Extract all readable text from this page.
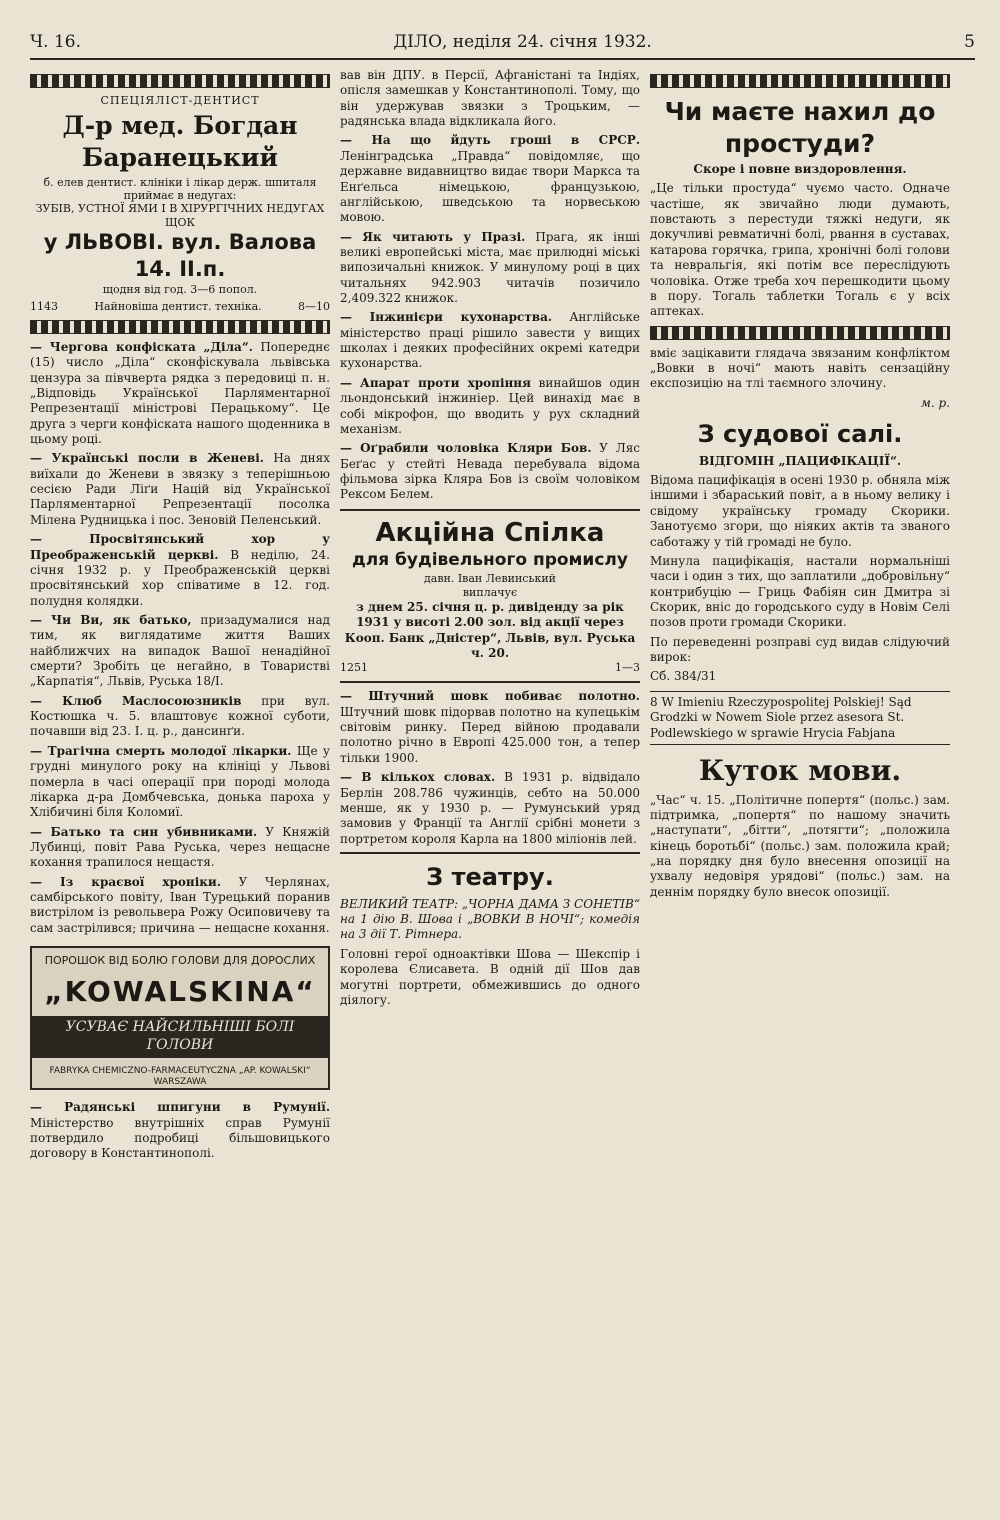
Ч. 16.	ДІЛО, неділя 24. січня 1932.	5
СПЕЦІЯЛІСТ-ДЕНТИСТ
Д-р мед. Богдан Баранецький
б. елев дентист. клініки і лікар держ. шпиталя приймає в недугах:
ЗУБІВ, УСТНОЇ ЯМИ І В ХІРУРГІЧНИХ НЕДУГАХ ЩОК
у ЛЬВОВІ. вул. Валова 14. ІІ.п.
щодня від год. 3—6 попол.
1143	Найновіша дентист. техніка.	8—10
— Чергова конфіската „Діла“. Попереднє (15) число „Діла“ сконфіскувала львівська цензура за півчверта рядка з передовиці п. н. „Відповідь Української Парляментарної Репрезентації міністрові Перацькому“. Це друга з черги конфіската нашого щоденника в цьому році.
— Українські посли в Женеві. На днях виїхали до Женеви в звязку з теперішньою сесією Ради Ліґи Націй від Української Парляментарної Репрезентації посолка Мілена Рудницька і пос. Зеновій Пеленський.
— Просвітянський хор у Преображенській церкві. В неділю, 24. січня 1932 р. у Преображенській церкві просвітянський хор співатиме в 12. год. полудня колядки.
— Чи Ви, як батько, призадумалися над тим, як виглядатиме життя Ваших найближчих на випадок Вашої ненадійної смерти? Зробіть це негайно, в Товаристві „Карпатія“, Львів, Руська 18/І.
— Клюб Маслосоюзників при вул. Костюшка ч. 5. влаштовує кожної суботи, почавши від 23. І. ц. р., дансинґи.
— Трагічна смерть молодої лікарки. Ще у грудні минулого року на клініці у Львові померла в часі операції при породі молода лікарка д-ра Домбчевська, донька пароха у Хлібичині біля Коломиї.
— Батько та син убивниками. У Княжій Лубинці, повіт Рава Руська, через нещасне кохання трапилося нещастя.
— Із краєвої хроніки. У Черлянах, самбірського повіту, Іван Турецький поранив вистрілом із револьвера Рожу Осиповичеву та сам застрілився; причина — нещасне кохання.
ПОРОШОК ВІД БОЛЮ ГОЛОВИ ДЛЯ ДОРОСЛИХ
„KOWALSKINA“
УСУВАЄ НАЙСИЛЬНІШІ БОЛІ ГОЛОВИ
FABRYKA CHEMICZNO-FARMACEUTYCZNA „AP. KOWALSKI“ WARSZAWA
— Радянські шпигуни в Румунії. Міністерство внутрішніх справ Румунії потвердило подробиці більшовицького договору в Константинополі.
вав він ДПУ. в Персії, Афганістані та Індіях, опісля замешкав у Константинополі. Тому, що він удержував звязки з Троцьким, — радянська влада відкликала його.
— На що йдуть гроші в СРСР. Ленінградська „Правда“ повідомляє, що державне видавництво видає твори Маркса та Енґельса німецькою, французькою, англійською, шведською та норвеською мовою.
— Як читають у Празі. Прага, як інші великі европейські міста, має прилюдні міські випозичальні книжок. У минулому році в цих читальнях 942.903 читачів позичило 2,409.322 книжок.
— Інжинієри кухонарства. Англійське міністерство праці рішило завести у вищих школах і деяких професійних окремі катедри кухонарства.
— Апарат проти хропіння винайшов один льондонський інжиніер. Цей винахід має в собі мікрофон, що вводить у рух складний механізм.
— Оґрабили чоловіка Кляри Бов. У Ляс Беґас у стейті Невада перебувала відома фільмова зірка Кляра Бов із своїм чоловіком Рексом Белем.
Акційна Спілка
для будівельного промислу
давн. Іван Левинський
виплачує
з днем 25. січня ц. р. дивіденду за рік 1931 у висоті 2.00 зол. від акції через Кооп. Банк „Дністер“, Львів, вул. Руська ч. 20.
1251	1—3
— Штучний шовк побиває полотно. Штучний шовк підорвав полотно на купецькім світовім ринку. Перед війною продавали полотно річно в Европі 425.000 тон, а тепер тільки 1900.
— В кількох словах. В 1931 р. відвідало Берлін 208.786 чужинців, себто на 50.000 менше, як у 1930 р. — Румунський уряд замовив у Франції та Англії срібні монети з портретом короля Карла на 1800 міліонів лей.
З театру.
ВЕЛИКИЙ ТЕАТР: „ЧОРНА ДАМА З СОНЕТІВ“ на 1 дію В. Шова і „ВОВКИ В НОЧІ“; комедія на 3 дії Т. Рітнера.
Головні герої одноактівки Шова — Шекспір і королева Єлисавета. В одній дії Шов дав могутні портрети, обмежившись до одного діялогу.
Чи маєте нахил до простуди?
Скоре і повне виздоровлення.
„Це тільки простуда“ чуємо часто. Одначе частіше, як звичайно люди думають, повстають з перестуди тяжкі недуги, як докучливі ревматичні болі, рвання в суставах, катарова горячка, грипа, хронічні болі голови та невральгія, які потім все переслідують чоловіка. Отже треба хоч перешкодити цьому в пору. Тогаль таблетки Тогаль є у всіх аптеках.
вміє зацікавити глядача звязаним конфліктом „Вовки в ночі“ мають навіть сензаційну експозицію на тлі таємного злочину.
м. р.
З судової салі.
ВІДГОМІН „ПАЦИФІКАЦІЇ“.
Відома пацифікація в осені 1930 р. обняла між іншими і збараський повіт, а в ньому велику і свідому українську громаду Скорики. Занотуємо згори, що ніяких актів та званого саботажу у тій громаді не було.
Минула пацифікація, настали нормальніші часи і один з тих, що заплатили „добровільну“ контрибуцію — Гриць Фабіян син Дмитра зі Скорик, вніс до городського суду в Новім Селі позов проти громади Скорики.
По переведенні розправі суд видав слідуючий вирок:
Сб. 384/31
8 W Imieniu Rzeczypospolitej Polskiej! Sąd Grodzki w Nowem Siole przez asesora St. Podlewskiego w sprawie Hrycia Fabjana
Куток мови.
„Час“ ч. 15. „Політичне попертя“ (польс.) зам. підтримка, „попертя“ по нашому значить „наступати“, „бітти“, „потягти“; „положила кінець боротьбі“ (польс.) зам. положила край; „на порядку дня було внесення опозиції на ухвалу недовіря урядові“ (польс.) зам. на деннім порядку було внесок опозиції.
